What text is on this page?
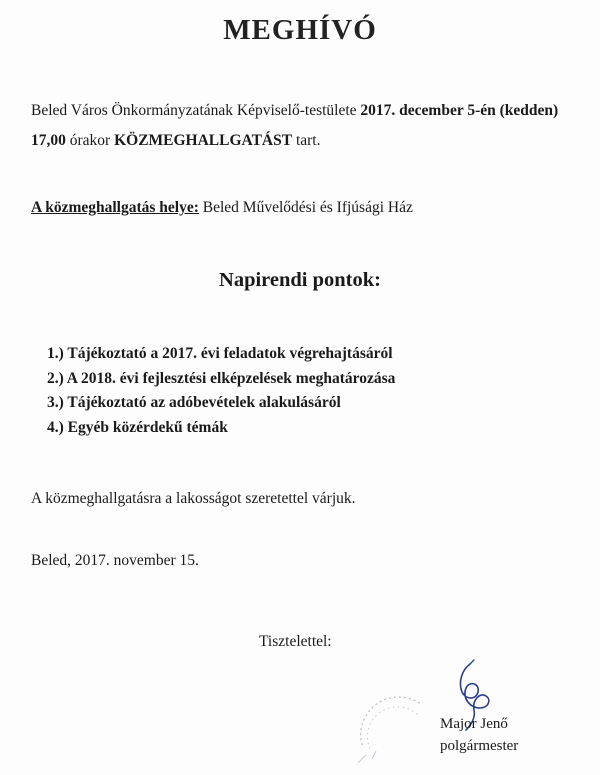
MEGHÍVÓ
Beled Város Önkormányzatának Képviselő-testülete 2017. december 5-én (kedden) 17,00 órakor KÖZMEGHALLGATÁST tart.
A közmeghallgatás helye: Beled Művelődési és Ifjúsági Ház
Napirendi pontok:
1.) Tájékoztató a 2017. évi feladatok végrehajtásáról
2.) A 2018. évi fejlesztési elképzelések meghatározása
3.) Tájékoztató az adóbevételek alakulásáról
4.) Egyéb közérdekű témák
A közmeghallgatásra a lakosságot szeretettel várjuk.
Beled, 2017. november 15.
Tisztelettel:
Major Jenő
polgármester
